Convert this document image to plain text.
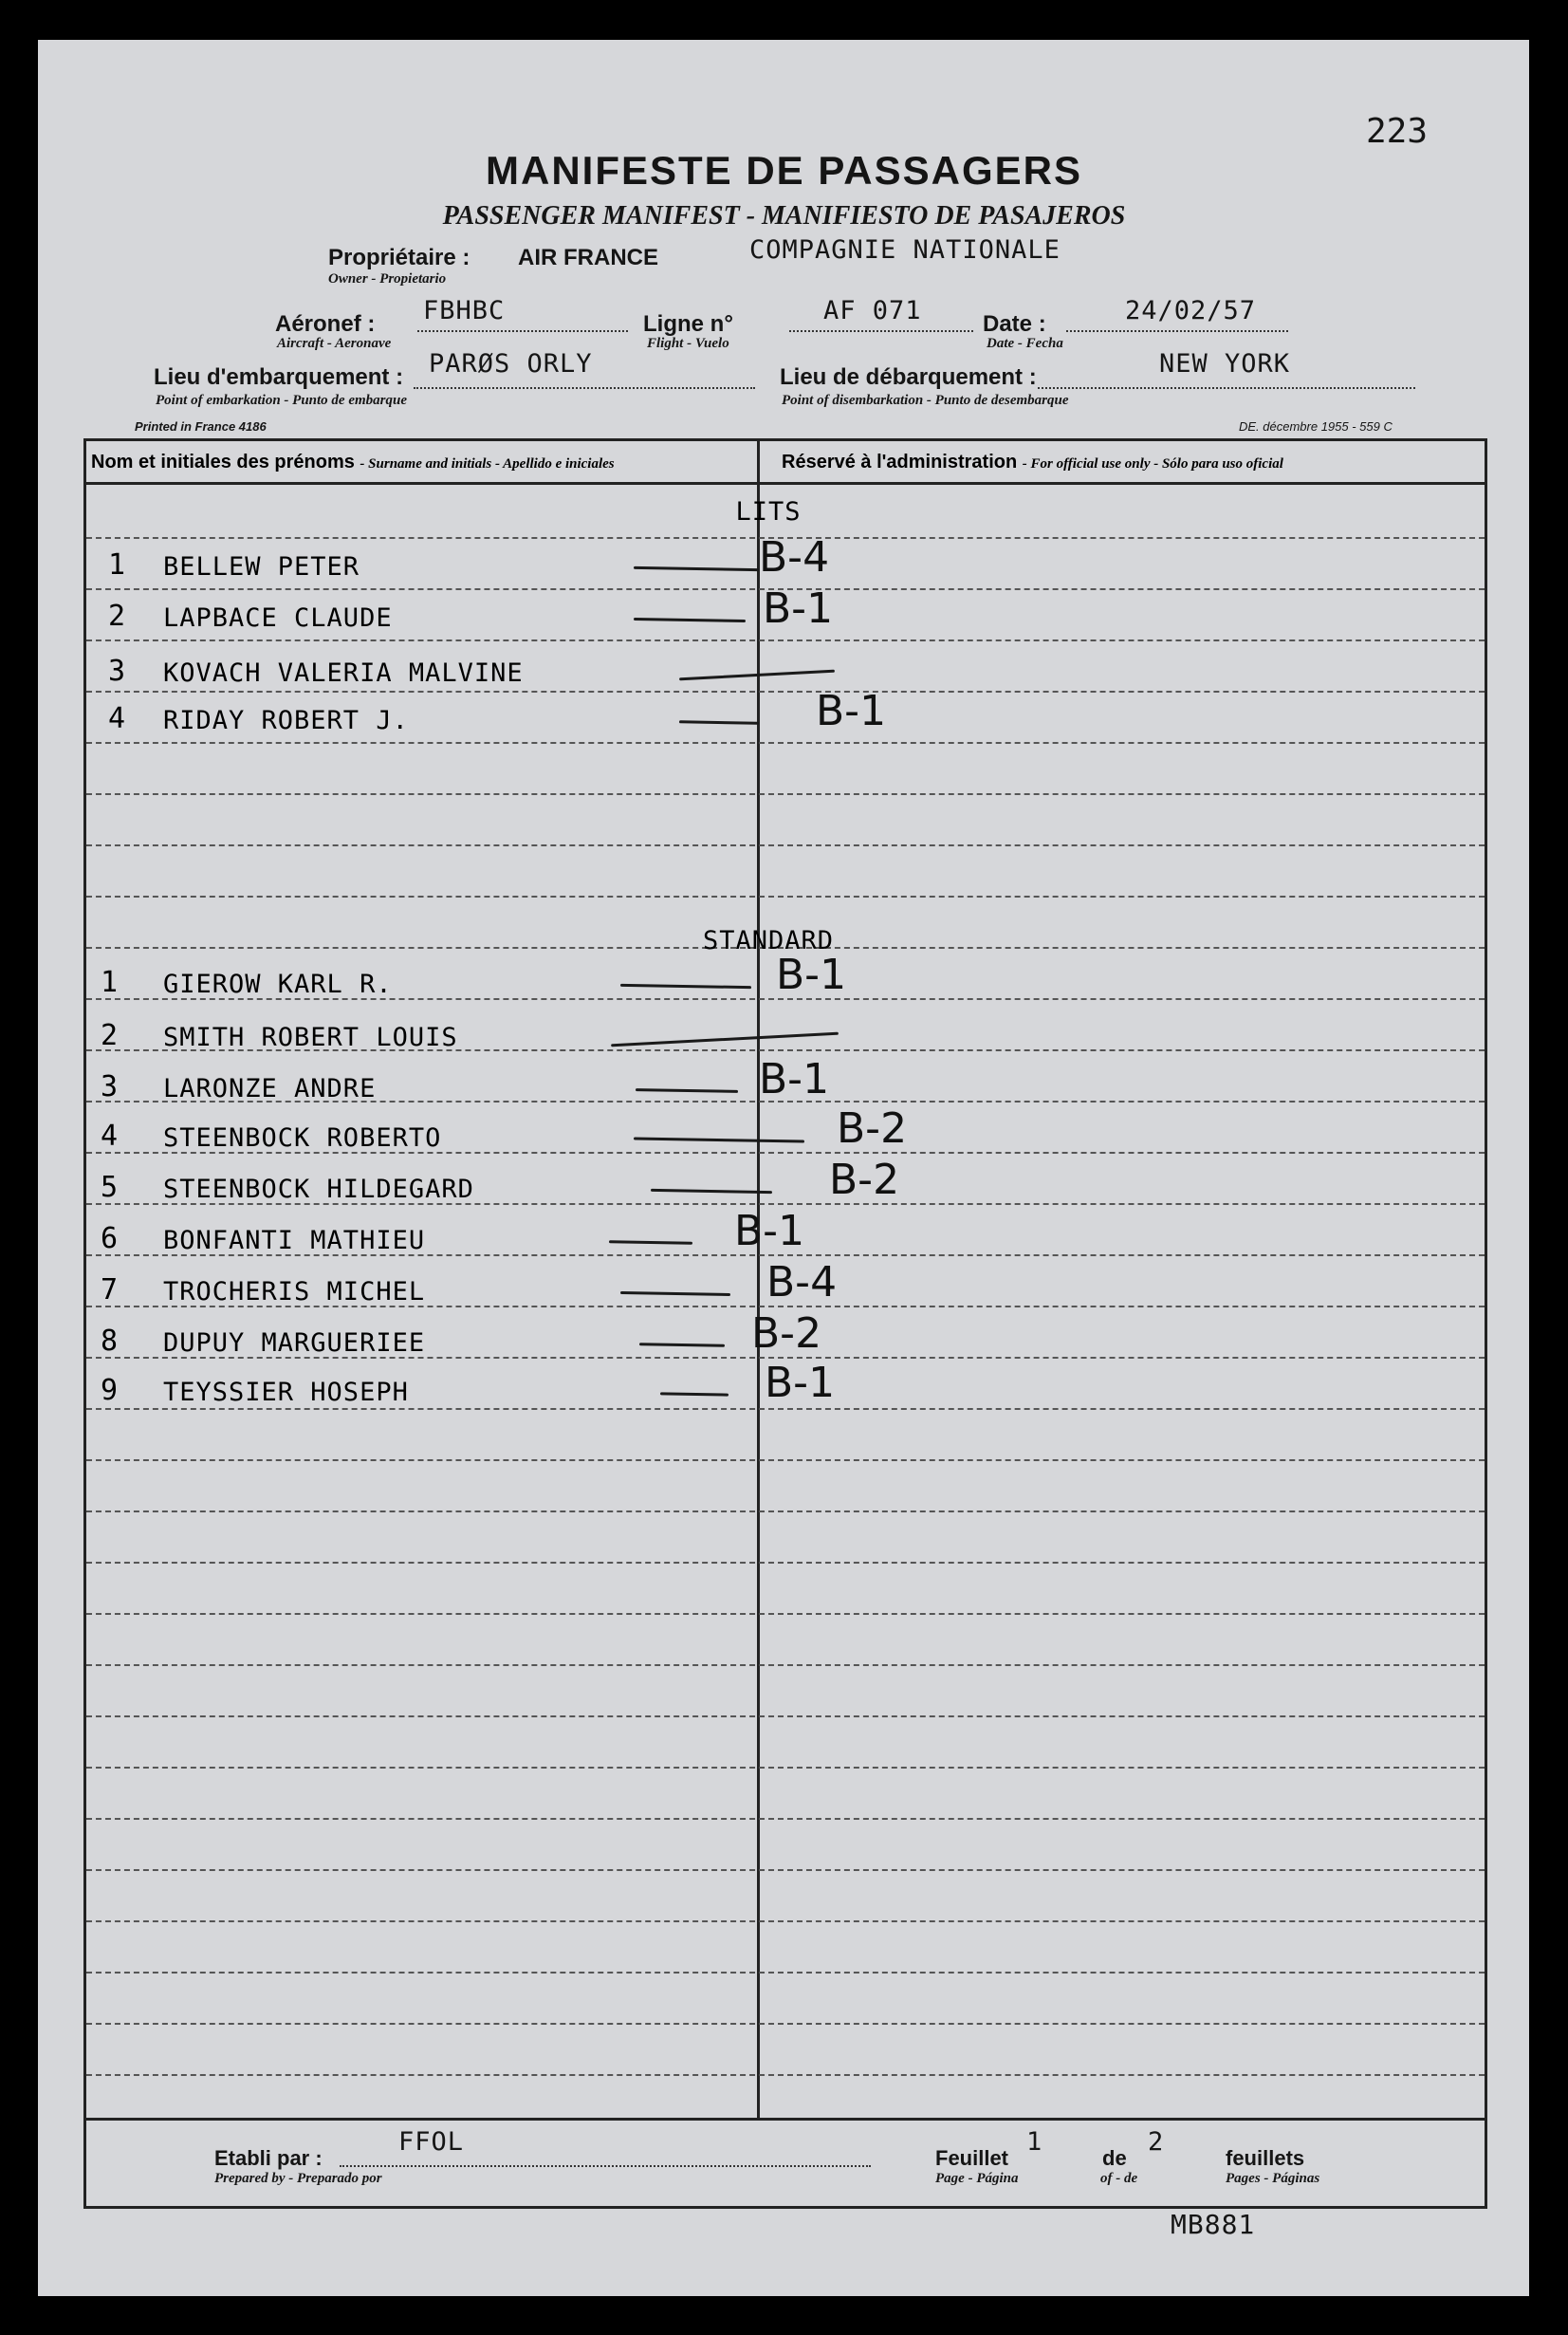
223
MANIFESTE DE PASSAGERS
PASSENGER MANIFEST - MANIFIESTO DE PASAJEROS
Propriétaire : AIR FRANCE	COMPAGNIE NATIONALE
Owner - Propietario
Aéronef : FBHBC
Aircraft - Aeronave
Ligne n°	AF 071
Flight - Vuelo
Date :	24/02/57
Date - Fecha
Lieu d'embarquement : PARØS ORLY
Point of embarkation - Punto de embarque
Lieu de débarquement :	NEW YORK
Point of disembarkation - Punto de desembarque
Printed in France 4186	DE. décembre 1955 - 559 C
Nom et initiales des prénoms - Surname and initials - Apellido e iniciales	Réservé à l'administration - For official use only - Sólo para uso oficial
LITS
1 BELLEW PETER	B-4
2 LAPBACE CLAUDE	B-1
3 KOVACH VALERIA MALVINE
4 RIDAY ROBERT J.	B-1
STANDARD
1 GIEROW KARL R.	B-1
2 SMITH ROBERT LOUIS
3 LARONZE ANDRE	B-1
4 STEENBOCK ROBERTO	B-2
5 STEENBOCK HILDEGARD	B-2
6 BONFANTI MATHIEU	B-1
7 TROCHERIS MICHEL	B-4
8 DUPUY MARGUERIEE	B-2
9 TEYSSIER HOSEPH	B-1
Etabli par :
FFOL
Prepared by - Preparado por
Feuillet
1
de
2
feuillets
Page - Página	of - de	Pages - Páginas
MB881
